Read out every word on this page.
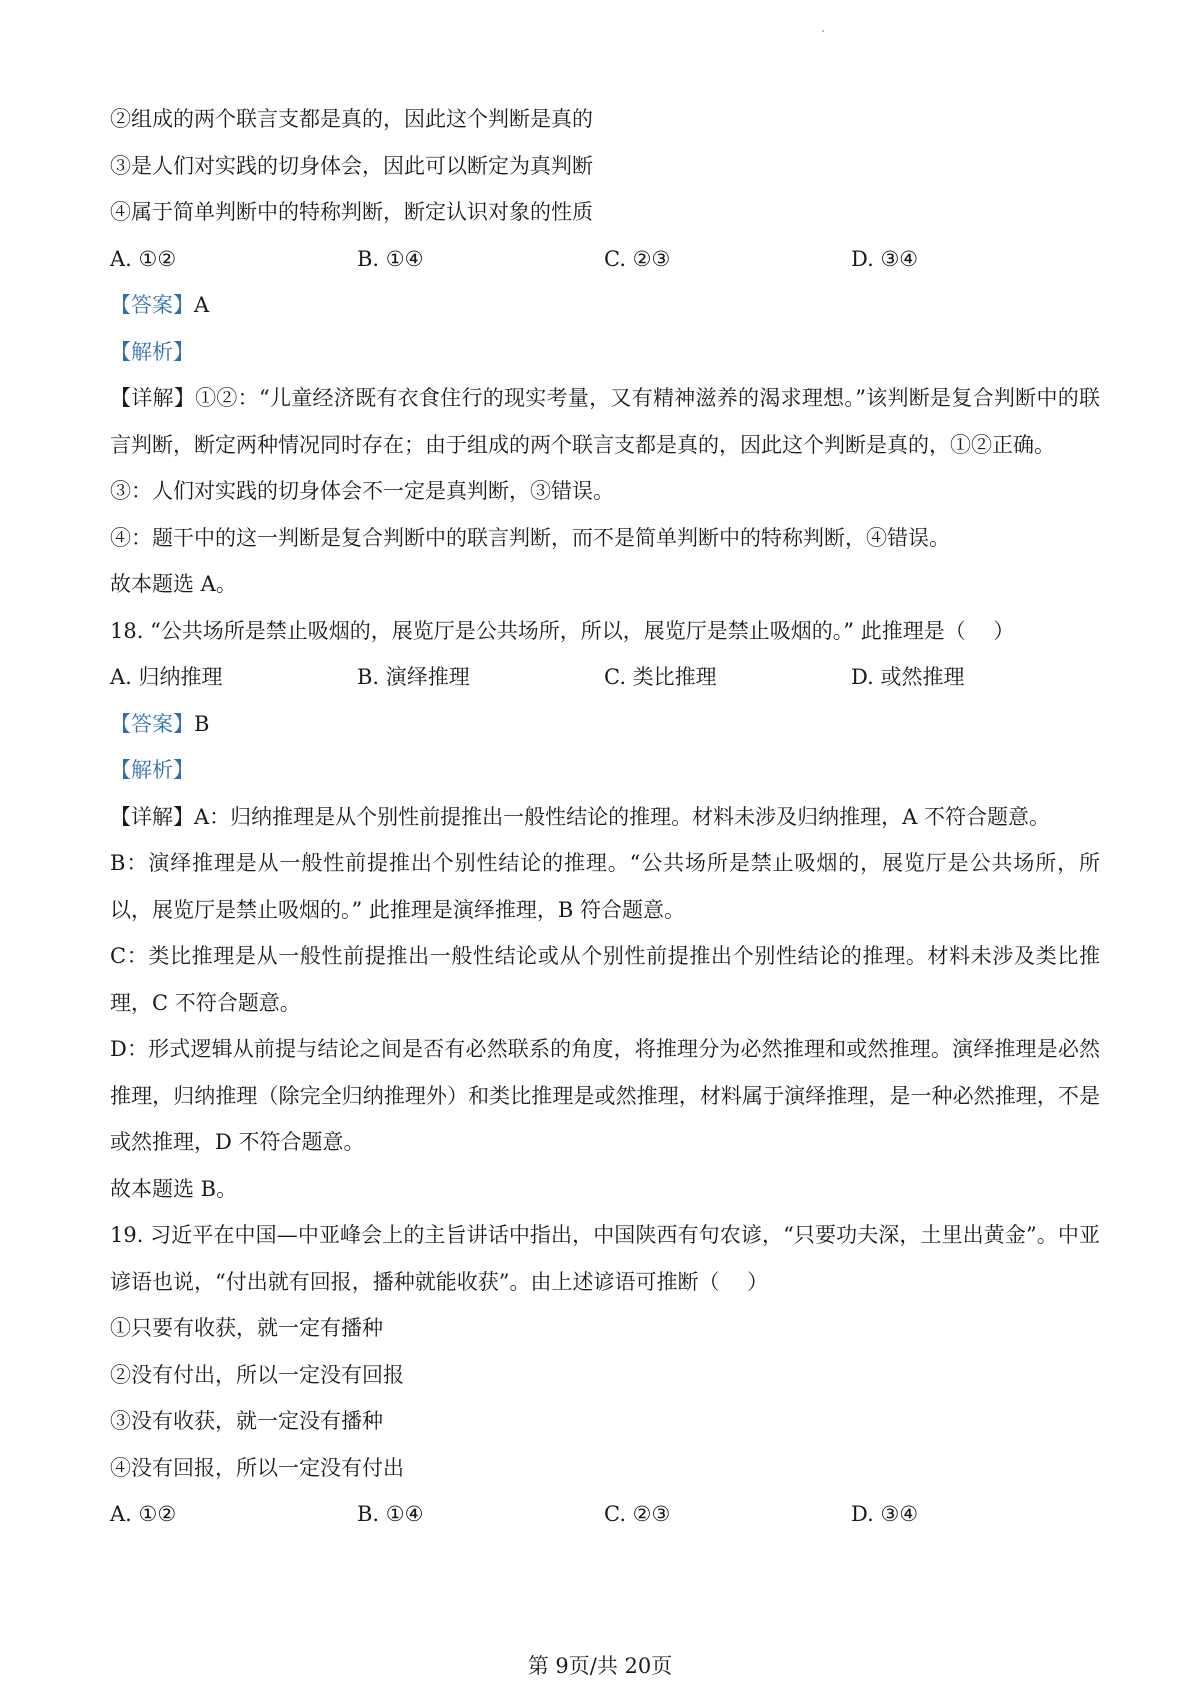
②组成的两个联言支都是真的，因此这个判断是真的
③是人们对实践的切身体会，因此可以断定为真判断
④属于简单判断中的特称判断，断定认识对象的性质
A. ①②	B. ①④	C. ②③	D. ③④
【答案】A
【解析】
【详解】①②：“儿童经济既有衣食住行的现实考量，又有精神滋养的渴求理想。”该判断是复合判断中的联言判断，断定两种情况同时存在；由于组成的两个联言支都是真的，因此这个判断是真的，①②正确。
③：人们对实践的切身体会不一定是真判断，③错误。
④：题干中的这一判断是复合判断中的联言判断，而不是简单判断中的特称判断，④错误。
故本题选 A。
18. “公共场所是禁止吸烟的，展览厅是公共场所，所以，展览厅是禁止吸烟的。” 此推理是（　 ）
A. 归纳推理	B. 演绎推理	C. 类比推理	D. 或然推理
【答案】B
【解析】
【详解】A：归纳推理是从个别性前提推出一般性结论的推理。材料未涉及归纳推理，A 不符合题意。
B：演绎推理是从一般性前提推出个别性结论的推理。“公共场所是禁止吸烟的，展览厅是公共场所，所以，展览厅是禁止吸烟的。” 此推理是演绎推理，B 符合题意。
C：类比推理是从一般性前提推出一般性结论或从个别性前提推出个别性结论的推理。材料未涉及类比推理，C 不符合题意。
D：形式逻辑从前提与结论之间是否有必然联系的角度，将推理分为必然推理和或然推理。演绎推理是必然推理，归纳推理（除完全归纳推理外）和类比推理是或然推理，材料属于演绎推理，是一种必然推理，不是或然推理，D 不符合题意。
故本题选 B。
19. 习近平在中国—中亚峰会上的主旨讲话中指出，中国陕西有句农谚，“只要功夫深，土里出黄金”。中亚谚语也说，“付出就有回报，播种就能收获”。由上述谚语可推断（　 ）
①只要有收获，就一定有播种
②没有付出，所以一定没有回报
③没有收获，就一定没有播种
④没有回报，所以一定没有付出
A. ①②	B. ①④	C. ②③	D. ③④
第 9页/共 20页
